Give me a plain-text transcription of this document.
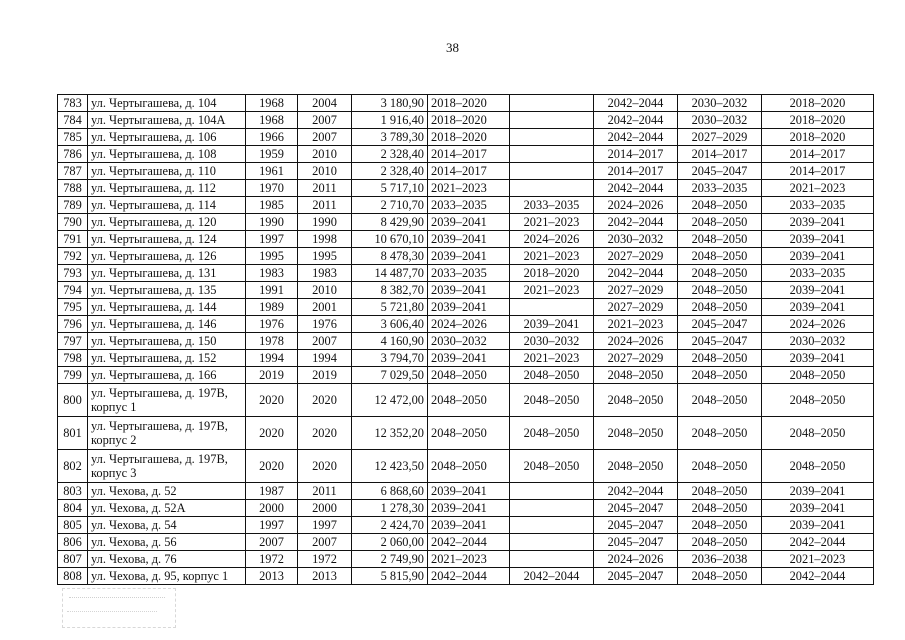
38
783	ул. Чертыгашева, д. 104	1968	2004	3 180,90	2018–2020		2042–2044	2030–2032	2018–2020
784	ул. Чертыгашева, д. 104А	1968	2007	1 916,40	2018–2020		2042–2044	2030–2032	2018–2020
785	ул. Чертыгашева, д. 106	1966	2007	3 789,30	2018–2020		2042–2044	2027–2029	2018–2020
786	ул. Чертыгашева, д. 108	1959	2010	2 328,40	2014–2017		2014–2017	2014–2017	2014–2017
787	ул. Чертыгашева, д. 110	1961	2010	2 328,40	2014–2017		2014–2017	2045–2047	2014–2017
788	ул. Чертыгашева, д. 112	1970	2011	5 717,10	2021–2023		2042–2044	2033–2035	2021–2023
789	ул. Чертыгашева, д. 114	1985	2011	2 710,70	2033–2035	2033–2035	2024–2026	2048–2050	2033–2035
790	ул. Чертыгашева, д. 120	1990	1990	8 429,90	2039–2041	2021–2023	2042–2044	2048–2050	2039–2041
791	ул. Чертыгашева, д. 124	1997	1998	10 670,10	2039–2041	2024–2026	2030–2032	2048–2050	2039–2041
792	ул. Чертыгашева, д. 126	1995	1995	8 478,30	2039–2041	2021–2023	2027–2029	2048–2050	2039–2041
793	ул. Чертыгашева, д. 131	1983	1983	14 487,70	2033–2035	2018–2020	2042–2044	2048–2050	2033–2035
794	ул. Чертыгашева, д. 135	1991	2010	8 382,70	2039–2041	2021–2023	2027–2029	2048–2050	2039–2041
795	ул. Чертыгашева, д. 144	1989	2001	5 721,80	2039–2041		2027–2029	2048–2050	2039–2041
796	ул. Чертыгашева, д. 146	1976	1976	3 606,40	2024–2026	2039–2041	2021–2023	2045–2047	2024–2026
797	ул. Чертыгашева, д. 150	1978	2007	4 160,90	2030–2032	2030–2032	2024–2026	2045–2047	2030–2032
798	ул. Чертыгашева, д. 152	1994	1994	3 794,70	2039–2041	2021–2023	2027–2029	2048–2050	2039–2041
799	ул. Чертыгашева, д. 166	2019	2019	7 029,50	2048–2050	2048–2050	2048–2050	2048–2050	2048–2050
800	ул. Чертыгашева, д. 197В, корпус 1	2020	2020	12 472,00	2048–2050	2048–2050	2048–2050	2048–2050	2048–2050
801	ул. Чертыгашева, д. 197В, корпус 2	2020	2020	12 352,20	2048–2050	2048–2050	2048–2050	2048–2050	2048–2050
802	ул. Чертыгашева, д. 197В, корпус 3	2020	2020	12 423,50	2048–2050	2048–2050	2048–2050	2048–2050	2048–2050
803	ул. Чехова, д. 52	1987	2011	6 868,60	2039–2041		2042–2044	2048–2050	2039–2041
804	ул. Чехова, д. 52А	2000	2000	1 278,30	2039–2041		2045–2047	2048–2050	2039–2041
805	ул. Чехова, д. 54	1997	1997	2 424,70	2039–2041		2045–2047	2048–2050	2039–2041
806	ул. Чехова, д. 56	2007	2007	2 060,00	2042–2044		2045–2047	2048–2050	2042–2044
807	ул. Чехова, д. 76	1972	1972	2 749,90	2021–2023		2024–2026	2036–2038	2021–2023
808	ул. Чехова, д. 95, корпус 1	2013	2013	5 815,90	2042–2044	2042–2044	2045–2047	2048–2050	2042–2044
